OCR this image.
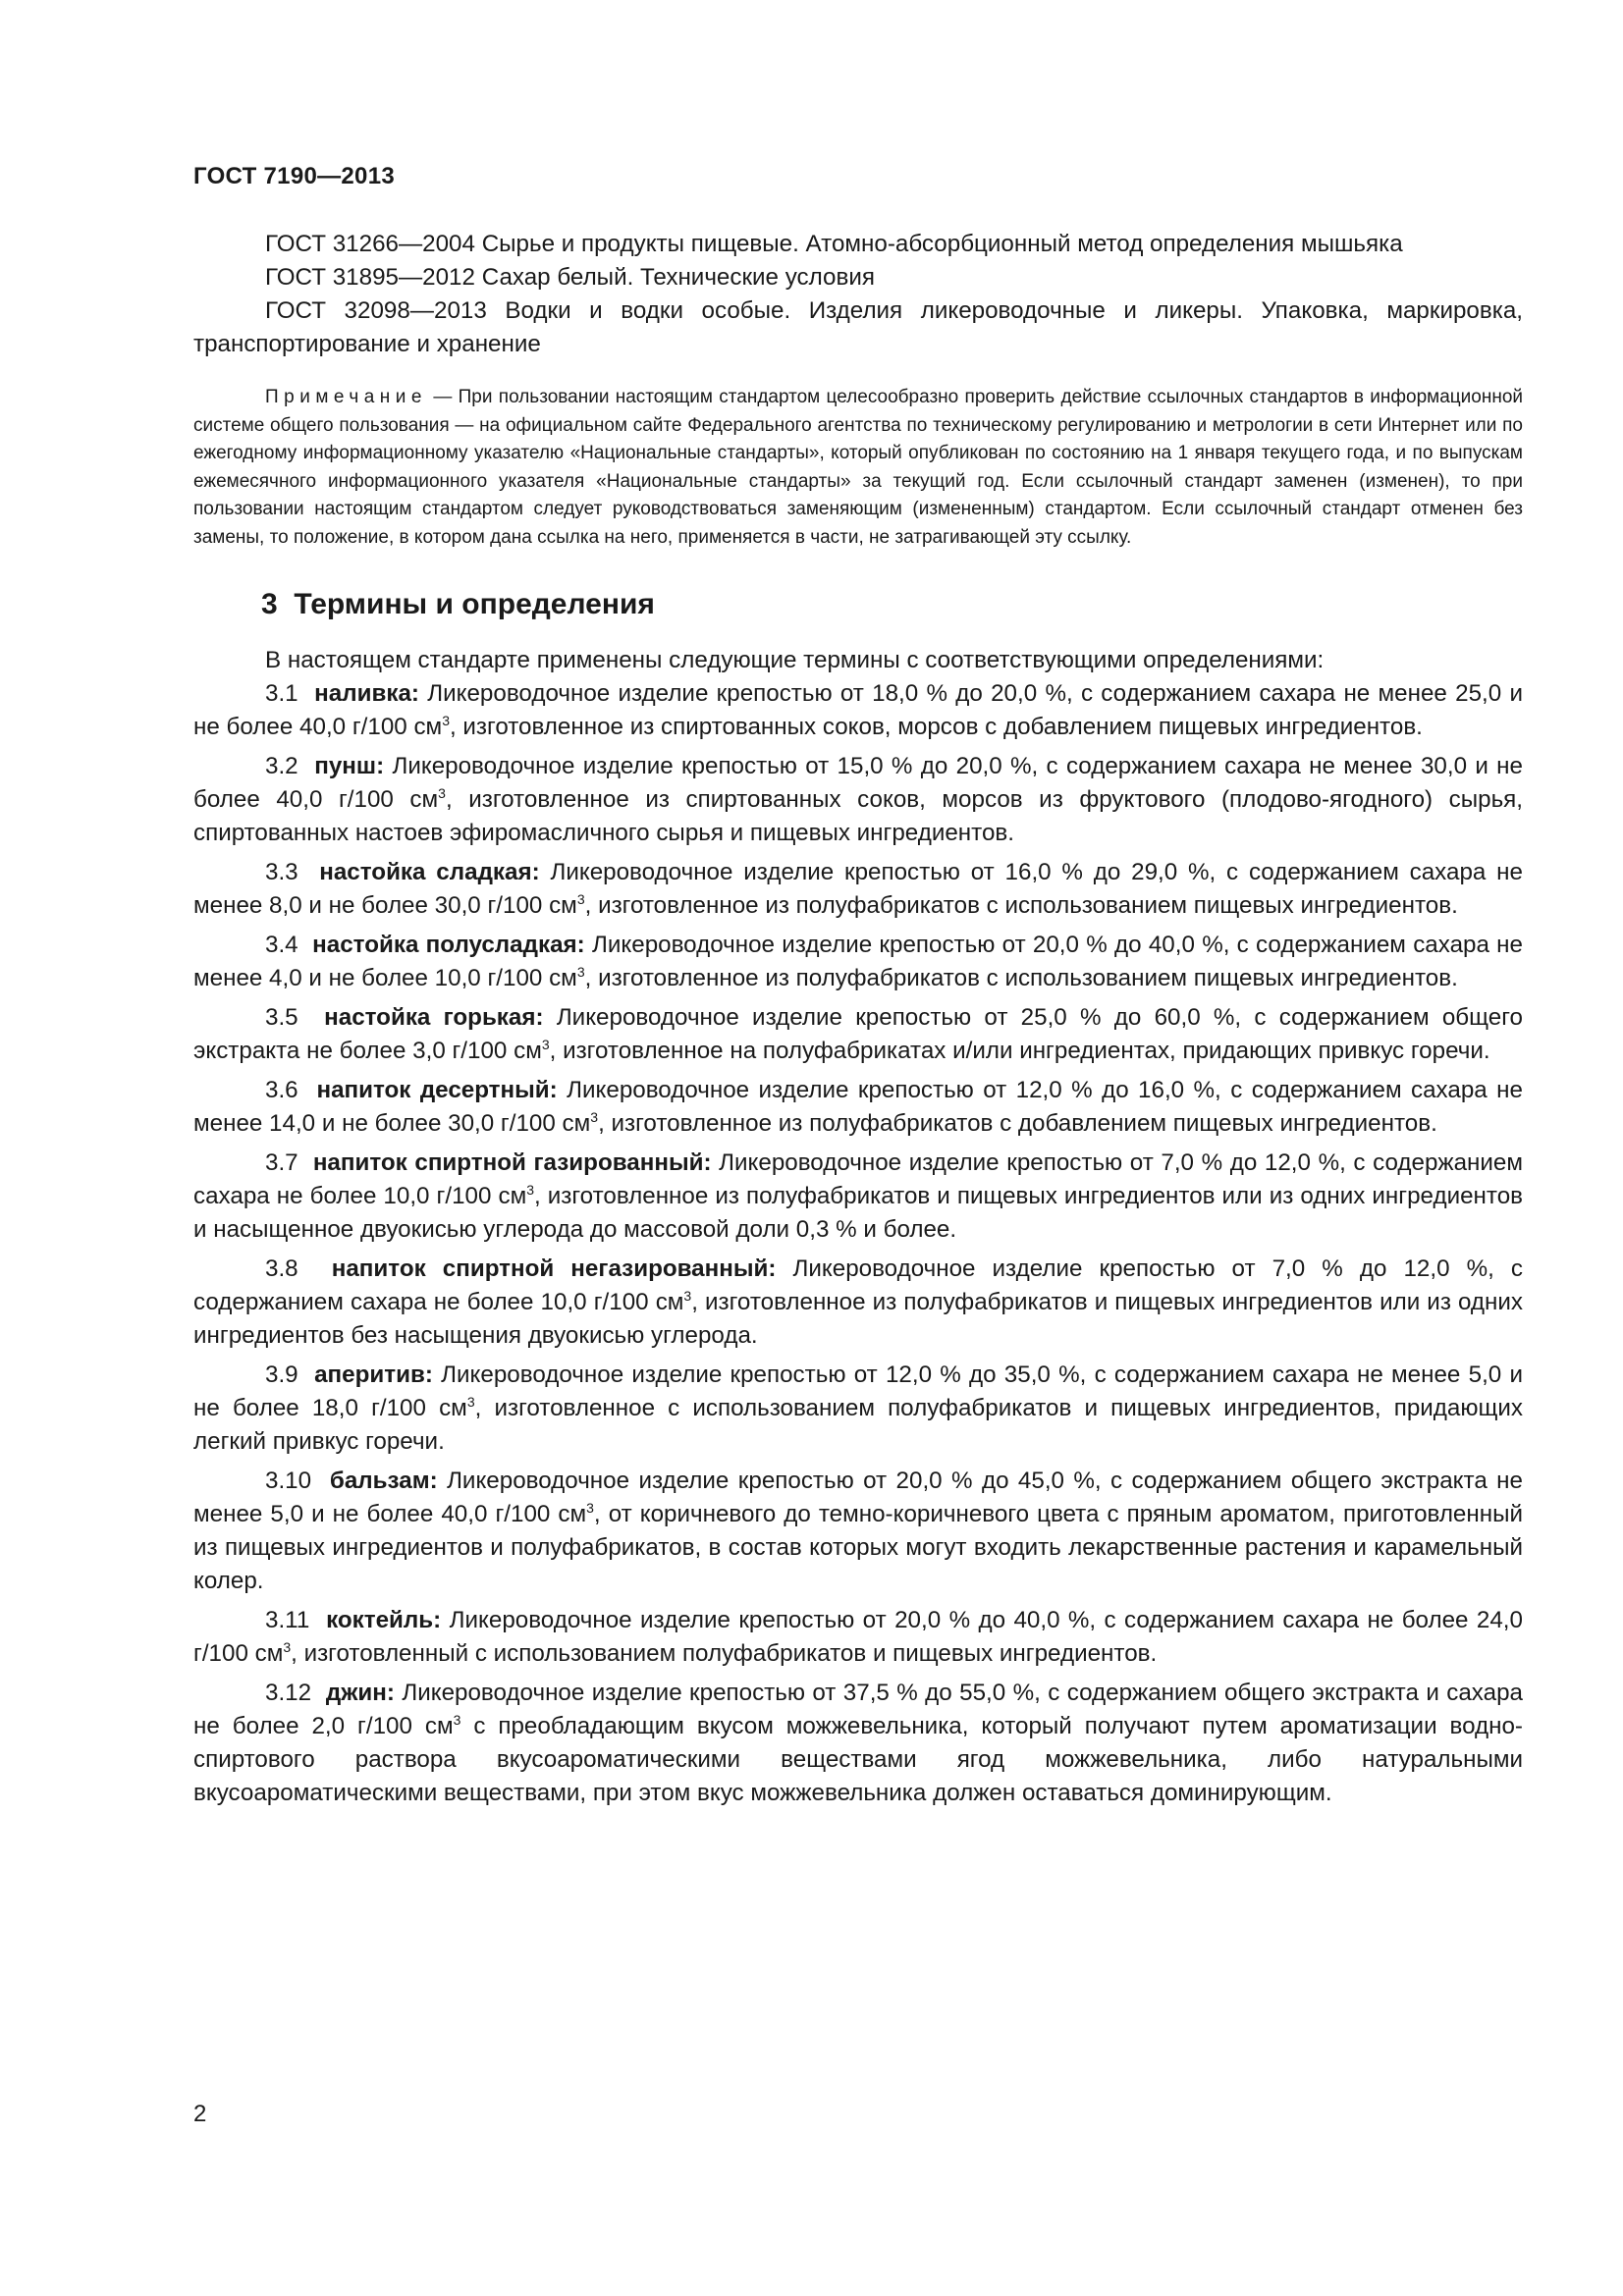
ГОСТ 7190—2013

ГОСТ 31266—2004 Сырье и продукты пищевые. Атомно-абсорбционный метод определения мышьяка

ГОСТ 31895—2012 Сахар белый. Технические условия

ГОСТ 32098—2013 Водки и водки особые. Изделия ликероводочные и ликеры. Упаковка, маркировка, транспортирование и хранение

Примечание — При пользовании настоящим стандартом целесообразно проверить действие ссылочных стандартов в информационной системе общего пользования — на официальном сайте Федерального агентства по техническому регулированию и метрологии в сети Интернет или по ежегодному информационному указателю «Национальные стандарты», который опубликован по состоянию на 1 января текущего года, и по выпускам ежемесячного информационного указателя «Национальные стандарты» за текущий год. Если ссылочный стандарт заменен (изменен), то при пользовании настоящим стандартом следует руководствоваться заменяющим (измененным) стандартом. Если ссылочный стандарт отменен без замены, то положение, в котором дана ссылка на него, применяется в части, не затрагивающей эту ссылку.

3 Термины и определения

В настоящем стандарте применены следующие термины с соответствующими определениями:

3.1 наливка: Ликероводочное изделие крепостью от 18,0 % до 20,0 %, с содержанием сахара не менее 25,0 и не более 40,0 г/100 $см^3$, изготовленное из спиртованных соков, морсов с добавлением пищевых ингредиентов.

3.2 пунш: Ликероводочное изделие крепостью от 15,0 % до 20,0 %, с содержанием сахара не менее 30,0 и не более 40,0 г/100 $см^3$, изготовленное из спиртованных соков, морсов из фруктового (плодово-ягодного) сырья, спиртованных настоев эфиромасличного сырья и пищевых ингредиентов.

3.3 настойка сладкая: Ликероводочное изделие крепостью от 16,0 % до 29,0 %, с содержанием сахара не менее 8,0 и не более 30,0 г/100 $см^3$, изготовленное из полуфабрикатов с использованием пищевых ингредиентов.

3.4 настойка полусладкая: Ликероводочное изделие крепостью от 20,0 % до 40,0 %, с содержанием сахара не менее 4,0 и не более 10,0 г/100 $см^3$, изготовленное из полуфабрикатов с использованием пищевых ингредиентов.

3.5 настойка горькая: Ликероводочное изделие крепостью от 25,0 % до 60,0 %, с содержанием общего экстракта не более 3,0 г/100 $см^3$, изготовленное на полуфабрикатах и/или ингредиентах, придающих привкус горечи.

3.6 напиток десертный: Ликероводочное изделие крепостью от 12,0 % до 16,0 %, с содержанием сахара не менее 14,0 и не более 30,0 г/100 $см^3$, изготовленное из полуфабрикатов с добавлением пищевых ингредиентов.

3.7 напиток спиртной газированный: Ликероводочное изделие крепостью от 7,0 % до 12,0 %, с содержанием сахара не более 10,0 г/100 $см^3$, изготовленное из полуфабрикатов и пищевых ингредиентов или из одних ингредиентов и насыщенное двуокисью углерода до массовой доли 0,3 % и более.

3.8 напиток спиртной негазированный: Ликероводочное изделие крепостью от 7,0 % до 12,0 %, с содержанием сахара не более 10,0 г/100 $см^3$, изготовленное из полуфабрикатов и пищевых ингредиентов или из одних ингредиентов без насыщения двуокисью углерода.

3.9 аперитив: Ликероводочное изделие крепостью от 12,0 % до 35,0 %, с содержанием сахара не менее 5,0 и не более 18,0 г/100 $см^3$, изготовленное с использованием полуфабрикатов и пищевых ингредиентов, придающих легкий привкус горечи.

3.10 бальзам: Ликероводочное изделие крепостью от 20,0 % до 45,0 %, с содержанием общего экстракта не менее 5,0 и не более 40,0 г/100 $см^3$, от коричневого до темно-коричневого цвета с пряным ароматом, приготовленный из пищевых ингредиентов и полуфабрикатов, в состав которых могут входить лекарственные растения и карамельный колер.

3.11 коктейль: Ликероводочное изделие крепостью от 20,0 % до 40,0 %, с содержанием сахара не более 24,0 г/100 $см^3$, изготовленный с использованием полуфабрикатов и пищевых ингредиентов.

3.12 джин: Ликероводочное изделие крепостью от 37,5 % до 55,0 %, с содержанием общего экстракта и сахара не более 2,0 г/100 $см^3$ с преобладающим вкусом можжевельника, который получают путем ароматизации водно-спиртового раствора вкусоароматическими веществами ягод можжевельника, либо натуральными вкусоароматическими веществами, при этом вкус можжевельника должен оставаться доминирующим.

2
